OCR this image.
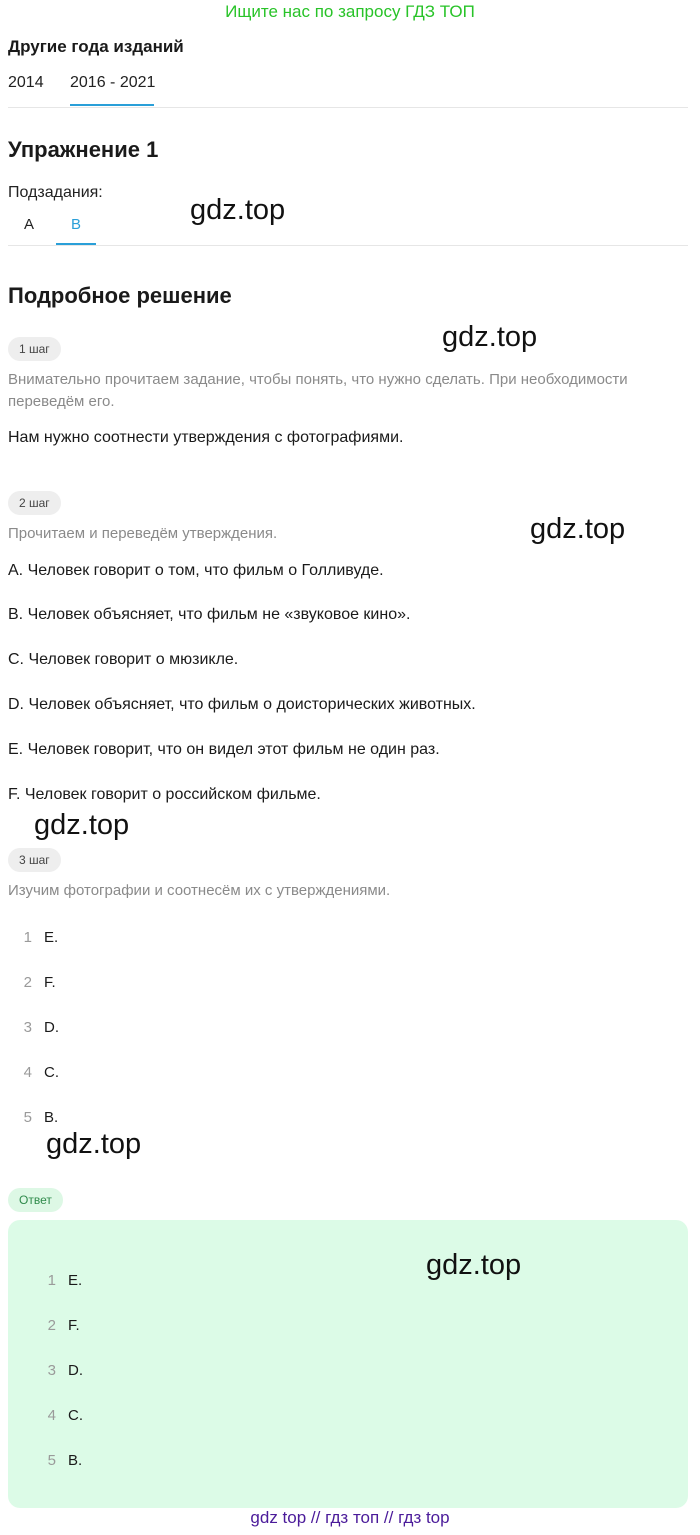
Ищите нас по запросу ГДЗ ТОП
Другие года изданий
2014 2016 - 2021
Упражнение 1
Подзадания:
A B	gdz.top
Подробное решение
1 шаг	gdz.top
Внимательно прочитаем задание, чтобы понять, что нужно сделать. При необходимости переведём его.
Нам нужно соотнести утверждения с фотографиями.
2 шаг
Прочитаем и переведём утверждения.	gdz.top
A. Человек говорит о том, что фильм о Голливуде.
B. Человек объясняет, что фильм не «звуковое кино».
C. Человек говорит о мюзикле.
D. Человек объясняет, что фильм о доисторических животных.
E. Человек говорит, что он видел этот фильм не один раз.
F. Человек говорит о российском фильме.
gdz.top
3 шаг
Изучим фотографии и соотнесём их с утверждениями.
1 E.
2 F.
3 D.
4 C.
5 B.
gdz.top
Ответ
gdz.top
1 E.
2 F.
3 D.
4 C.
5 B.
gdz top // гдз топ // гдз top
